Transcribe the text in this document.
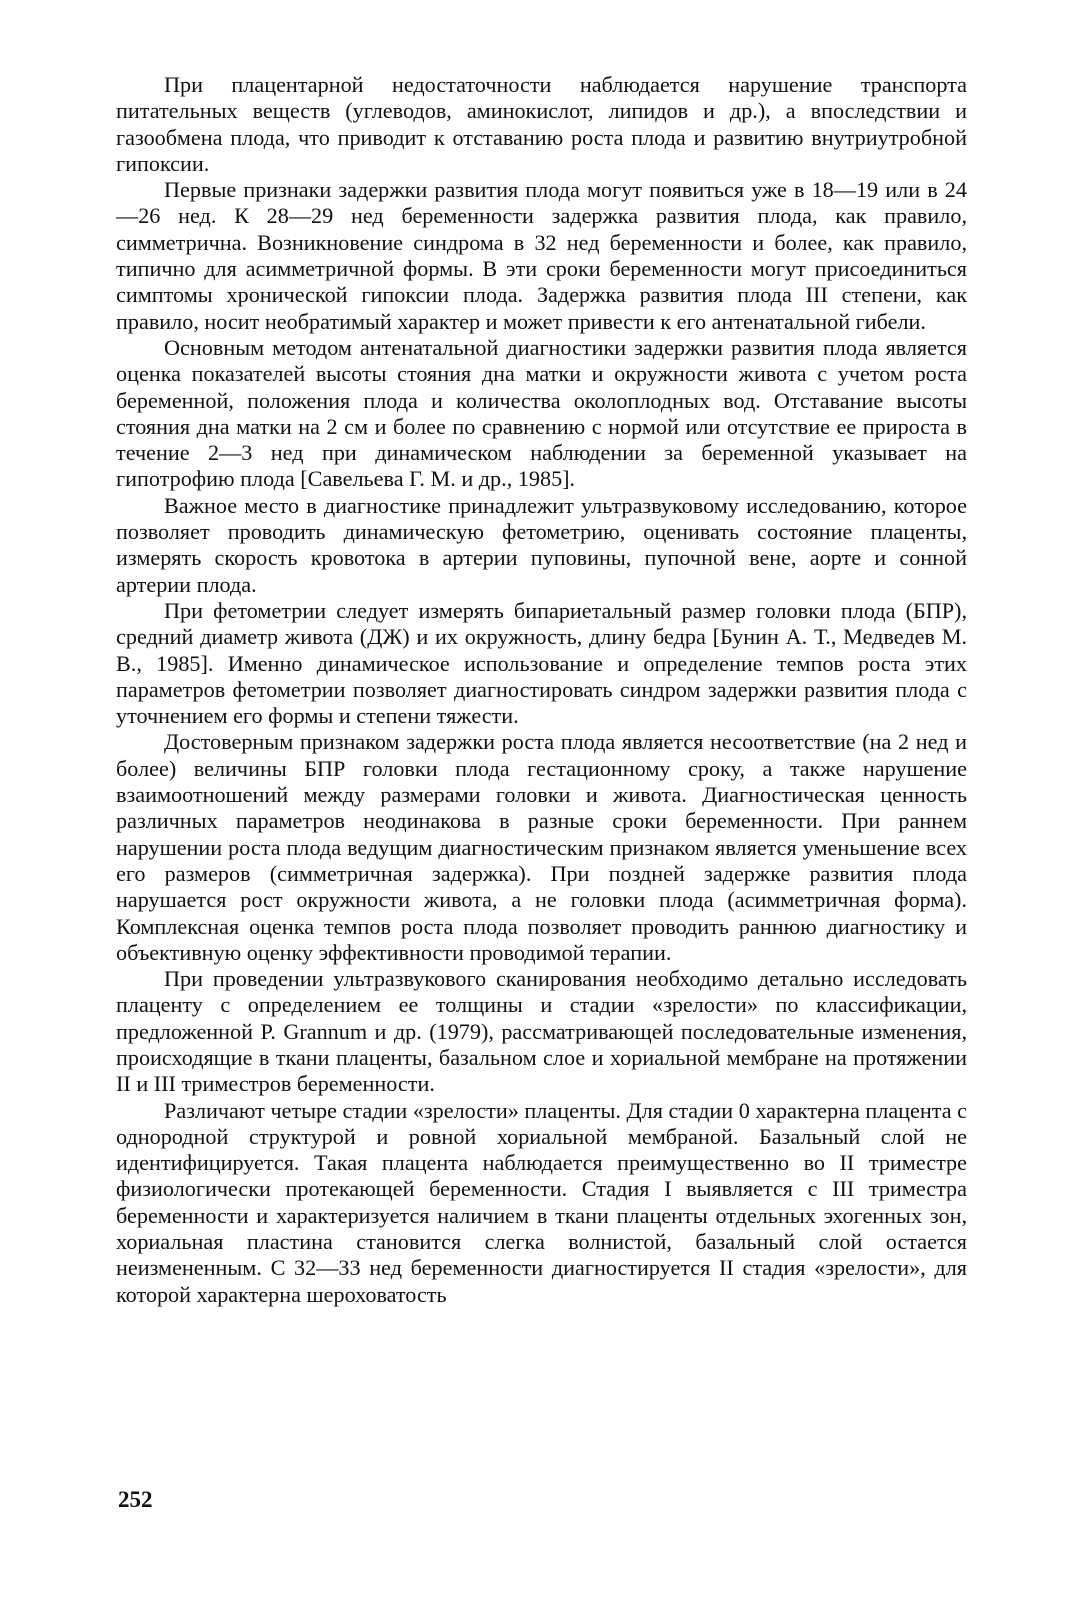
При плацентарной недостаточности наблюдается нарушение транспорта питательных веществ (углеводов, аминокислот, липидов и др.), а впоследствии и газообмена плода, что приводит к отставанию роста плода и развитию внутриутробной гипоксии.

Первые признаки задержки развития плода могут появиться уже в 18—19 или в 24—26 нед. К 28—29 нед беременности задержка развития плода, как правило, симметрична. Возникновение синдрома в 32 нед беременности и более, как правило, типично для асимметричной формы. В эти сроки беременности могут присоединиться симптомы хронической гипоксии плода. Задержка развития плода III степени, как правило, носит необратимый характер и может привести к его антенатальной гибели.

Основным методом антенатальной диагностики задержки развития плода является оценка показателей высоты стояния дна матки и окружности живота с учетом роста беременной, положения плода и количества околоплодных вод. Отставание высоты стояния дна матки на 2 см и более по сравнению с нормой или отсутствие ее прироста в течение 2—3 нед при динамическом наблюдении за беременной указывает на гипотрофию плода [Савельева Г. М. и др., 1985].

Важное место в диагностике принадлежит ультразвуковому исследованию, которое позволяет проводить динамическую фетометрию, оценивать состояние плаценты, измерять скорость кровотока в артерии пуповины, пупочной вене, аорте и сонной артерии плода.

При фетометрии следует измерять бипариетальный размер головки плода (БПР), средний диаметр живота (ДЖ) и их окружность, длину бедра [Бунин А. Т., Медведев М. В., 1985]. Именно динамическое использование и определение темпов роста этих параметров фетометрии позволяет диагностировать синдром задержки развития плода с уточнением его формы и степени тяжести.

Достоверным признаком задержки роста плода является несоответствие (на 2 нед и более) величины БПР головки плода гестационному сроку, а также нарушение взаимоотношений между размерами головки и живота. Диагностическая ценность различных параметров неодинакова в разные сроки беременности. При раннем нарушении роста плода ведущим диагностическим признаком является уменьшение всех его размеров (симметричная задержка). При поздней задержке развития плода нарушается рост окружности живота, а не головки плода (асимметричная форма). Комплексная оценка темпов роста плода позволяет проводить раннюю диагностику и объективную оценку эффективности проводимой терапии.

При проведении ультразвукового сканирования необходимо детально исследовать плаценту с определением ее толщины и стадии «зрелости» по классификации, предложенной P. Grannum и др. (1979), рассматривающей последовательные изменения, происходящие в ткани плаценты, базальном слое и хориальной мембране на протяжении II и III триместров беременности.

Различают четыре стадии «зрелости» плаценты. Для стадии 0 характерна плацента с однородной структурой и ровной хориальной мембраной. Базальный слой не идентифицируется. Такая плацента наблюдается преимущественно во II триместре физиологически протекающей беременности. Стадия I выявляется с III триместра беременности и характеризуется наличием в ткани плаценты отдельных эхогенных зон, хориальная пластина становится слегка волнистой, базальный слой остается неизмененным. С 32—33 нед беременности диагностируется II стадия «зрелости», для которой характерна шероховатость

252
